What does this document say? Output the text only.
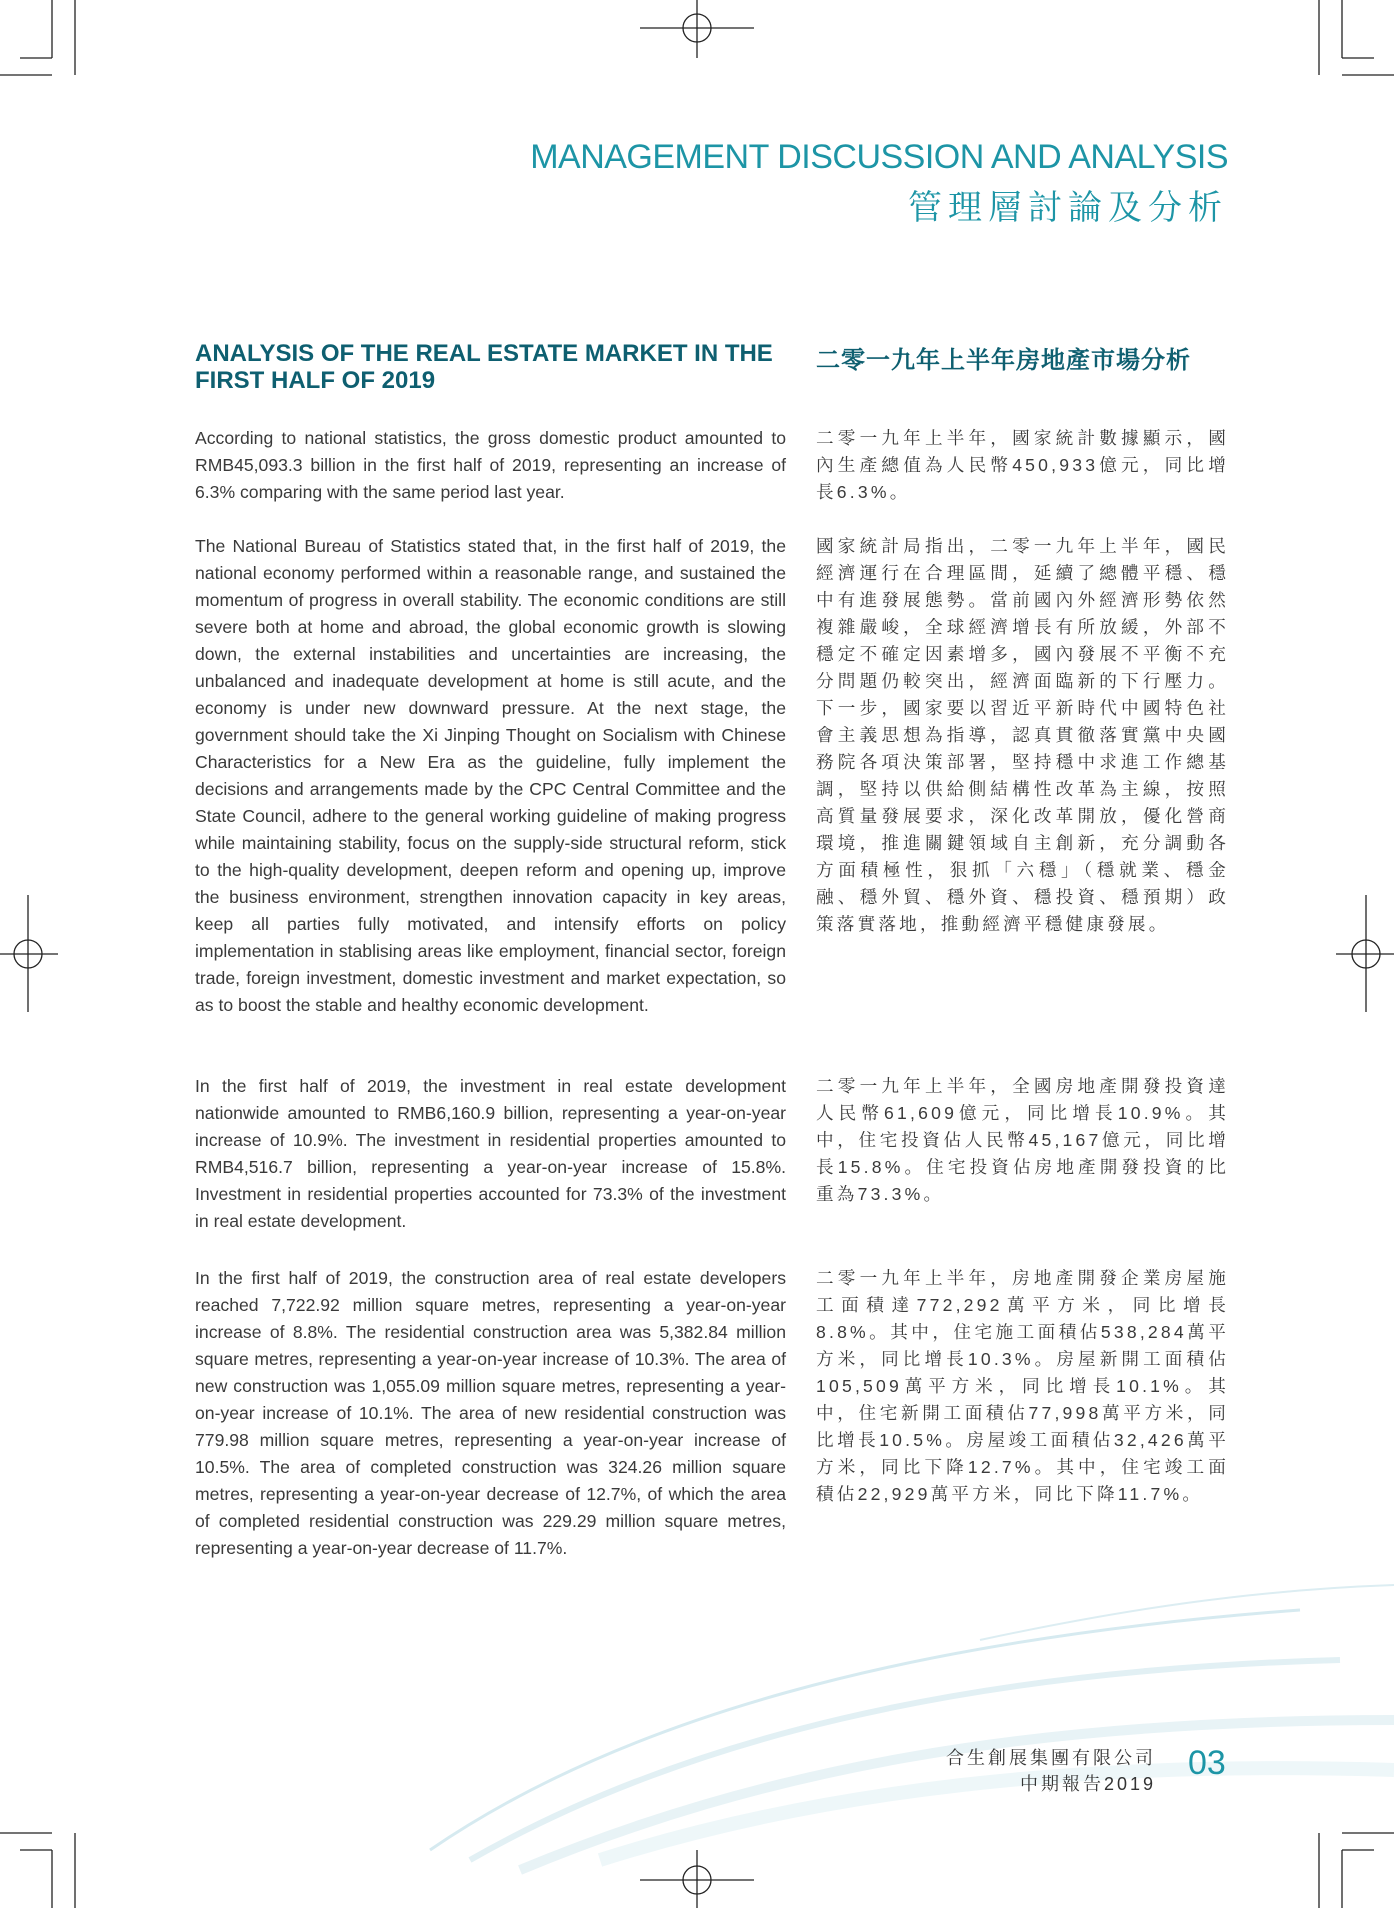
MANAGEMENT DISCUSSION AND ANALYSIS
管理層討論及分析
ANALYSIS OF THE REAL ESTATE MARKET IN THE FIRST HALF OF 2019
二零一九年上半年房地產市場分析

According to national statistics, the gross domestic product amounted to RMB45,093.3 billion in the first half of 2019, representing an increase of 6.3% comparing with the same period last year.

The National Bureau of Statistics stated that, in the first half of 2019, the national economy performed within a reasonable range, and sustained the momentum of progress in overall stability. The economic conditions are still severe both at home and abroad, the global economic growth is slowing down, the external instabilities and uncertainties are increasing, the unbalanced and inadequate development at home is still acute, and the economy is under new downward pressure. At the next stage, the government should take the Xi Jinping Thought on Socialism with Chinese Characteristics for a New Era as the guideline, fully implement the decisions and arrangements made by the CPC Central Committee and the State Council, adhere to the general working guideline of making progress while maintaining stability, focus on the supply-side structural reform, stick to the high-quality development, deepen reform and opening up, improve the business environment, strengthen innovation capacity in key areas, keep all parties fully motivated, and intensify efforts on policy implementation in stablising areas like employment, financial sector, foreign trade, foreign investment, domestic investment and market expectation, so as to boost the stable and healthy economic development.

In the first half of 2019, the investment in real estate development nationwide amounted to RMB6,160.9 billion, representing a year-on-year increase of 10.9%. The investment in residential properties amounted to RMB4,516.7 billion, representing a year-on-year increase of 15.8%. Investment in residential properties accounted for 73.3% of the investment in real estate development.

In the first half of 2019, the construction area of real estate developers reached 7,722.92 million square metres, representing a year-on-year increase of 8.8%. The residential construction area was 5,382.84 million square metres, representing a year-on-year increase of 10.3%. The area of new construction was 1,055.09 million square metres, representing a year-on-year increase of 10.1%. The area of new residential construction was 779.98 million square metres, representing a year-on-year increase of 10.5%. The area of completed construction was 324.26 million square metres, representing a year-on-year decrease of 12.7%, of which the area of completed residential construction was 229.29 million square metres, representing a year-on-year decrease of 11.7%.

二零一九年上半年，國家統計數據顯示，國內生產總值為人民幣450,933億元，同比增長6.3%。

國家統計局指出，二零一九年上半年，國民經濟運行在合理區間，延續了總體平穩、穩中有進發展態勢。當前國內外經濟形勢依然複雜嚴峻，全球經濟增長有所放緩，外部不穩定不確定因素增多，國內發展不平衡不充分問題仍較突出，經濟面臨新的下行壓力。下一步，國家要以習近平新時代中國特色社會主義思想為指導，認真貫徹落實黨中央國務院各項決策部署，堅持穩中求進工作總基調，堅持以供給側結構性改革為主線，按照高質量發展要求，深化改革開放，優化營商環境，推進關鍵領域自主創新，充分調動各方面積極性，狠抓「六穩」（穩就業、穩金融、穩外貿、穩外資、穩投資、穩預期）政策落實落地，推動經濟平穩健康發展。

二零一九年上半年，全國房地產開發投資達人民幣61,609億元，同比增長10.9%。其中，住宅投資佔人民幣45,167億元，同比增長15.8%。住宅投資佔房地產開發投資的比重為73.3%。

二零一九年上半年，房地產開發企業房屋施工面積達772,292萬平方米，同比增長8.8%。其中，住宅施工面積佔538,284萬平方米，同比增長10.3%。房屋新開工面積佔105,509萬平方米，同比增長10.1%。其中，住宅新開工面積佔77,998萬平方米，同比增長10.5%。房屋竣工面積佔32,426萬平方米，同比下降12.7%。其中，住宅竣工面積佔22,929萬平方米，同比下降11.7%。

合生創展集團有限公司
中期報告2019
03
